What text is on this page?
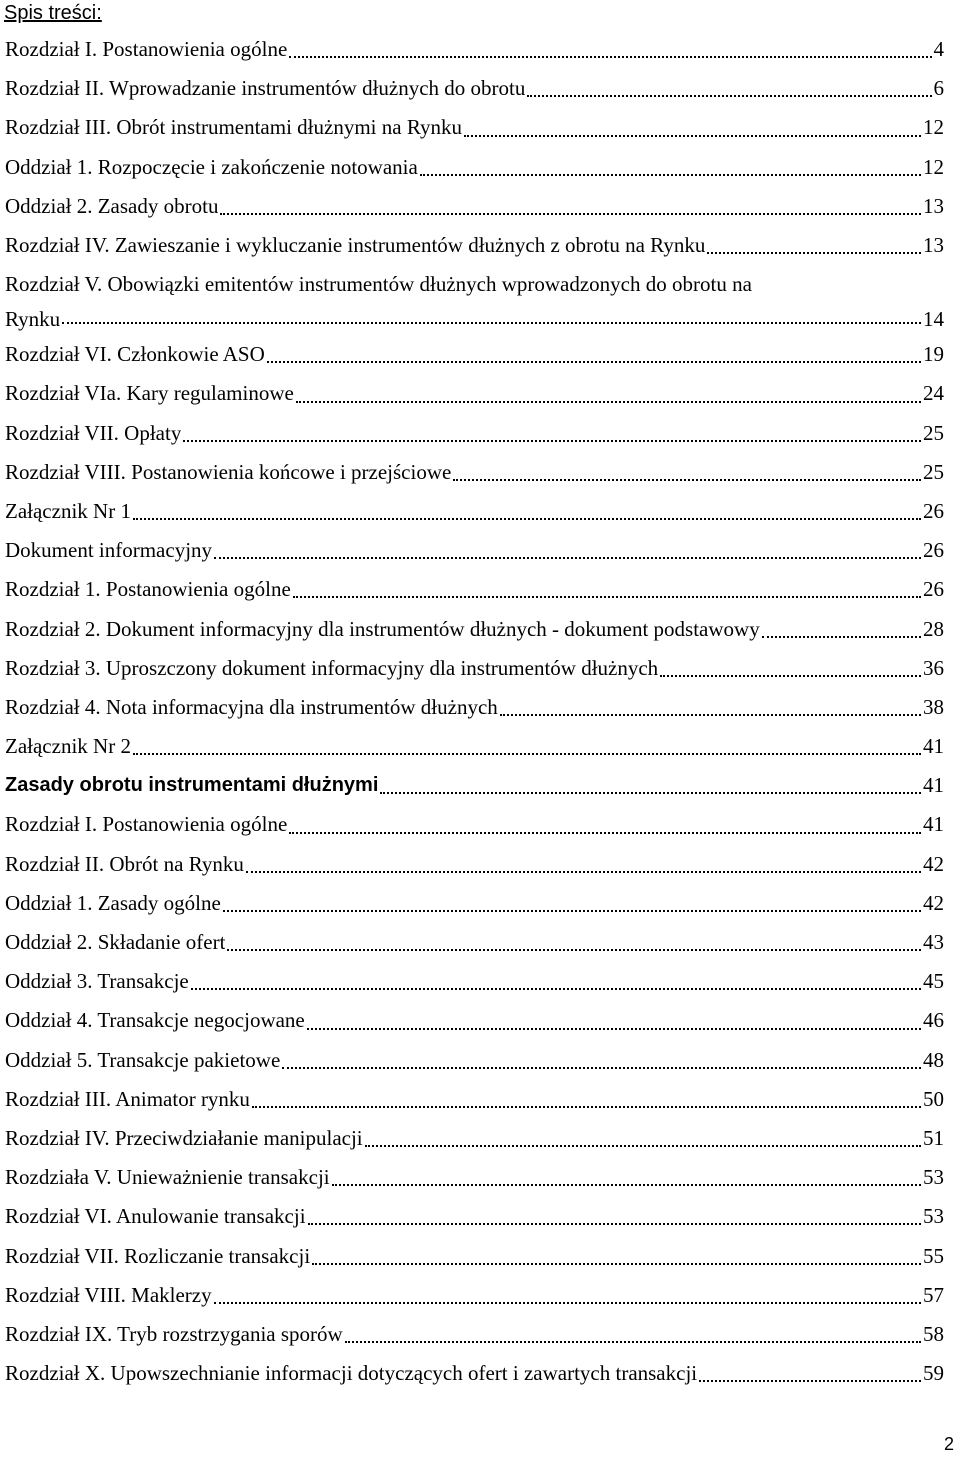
Spis treści:
Rozdział I. Postanowienia ogólne	4
Rozdział II. Wprowadzanie instrumentów dłużnych do obrotu	6
Rozdział III. Obrót instrumentami dłużnymi na Rynku	12
Oddział 1. Rozpoczęcie i zakończenie notowania	12
Oddział 2. Zasady obrotu	13
Rozdział IV. Zawieszanie i wykluczanie instrumentów dłużnych z obrotu na Rynku	13
Rozdział V. Obowiązki emitentów instrumentów dłużnych wprowadzonych do obrotu na
Rynku	14
Rozdział VI. Członkowie ASO	19
Rozdział VIa. Kary regulaminowe	24
Rozdział VII. Opłaty	25
Rozdział VIII. Postanowienia końcowe i przejściowe	25
Załącznik Nr 1	26
Dokument informacyjny	26
Rozdział 1. Postanowienia ogólne	26
Rozdział 2. Dokument informacyjny dla instrumentów dłużnych - dokument podstawowy	28
Rozdział 3. Uproszczony dokument informacyjny dla instrumentów dłużnych	36
Rozdział 4. Nota informacyjna dla instrumentów dłużnych	38
Załącznik Nr 2	41
Zasady obrotu instrumentami dłużnymi	41
Rozdział I. Postanowienia ogólne	41
Rozdział II. Obrót na Rynku	42
Oddział 1. Zasady ogólne	42
Oddział 2. Składanie ofert	43
Oddział 3. Transakcje	45
Oddział 4. Transakcje negocjowane	46
Oddział 5. Transakcje pakietowe	48
Rozdział III. Animator rynku	50
Rozdział IV. Przeciwdziałanie manipulacji	51
Rozdziała V. Unieważnienie transakcji	53
Rozdział VI. Anulowanie transakcji	53
Rozdział VII. Rozliczanie transakcji	55
Rozdział VIII. Maklerzy	57
Rozdział IX. Tryb rozstrzygania sporów	58
Rozdział X. Upowszechnianie informacji dotyczących ofert i zawartych transakcji	59
2
